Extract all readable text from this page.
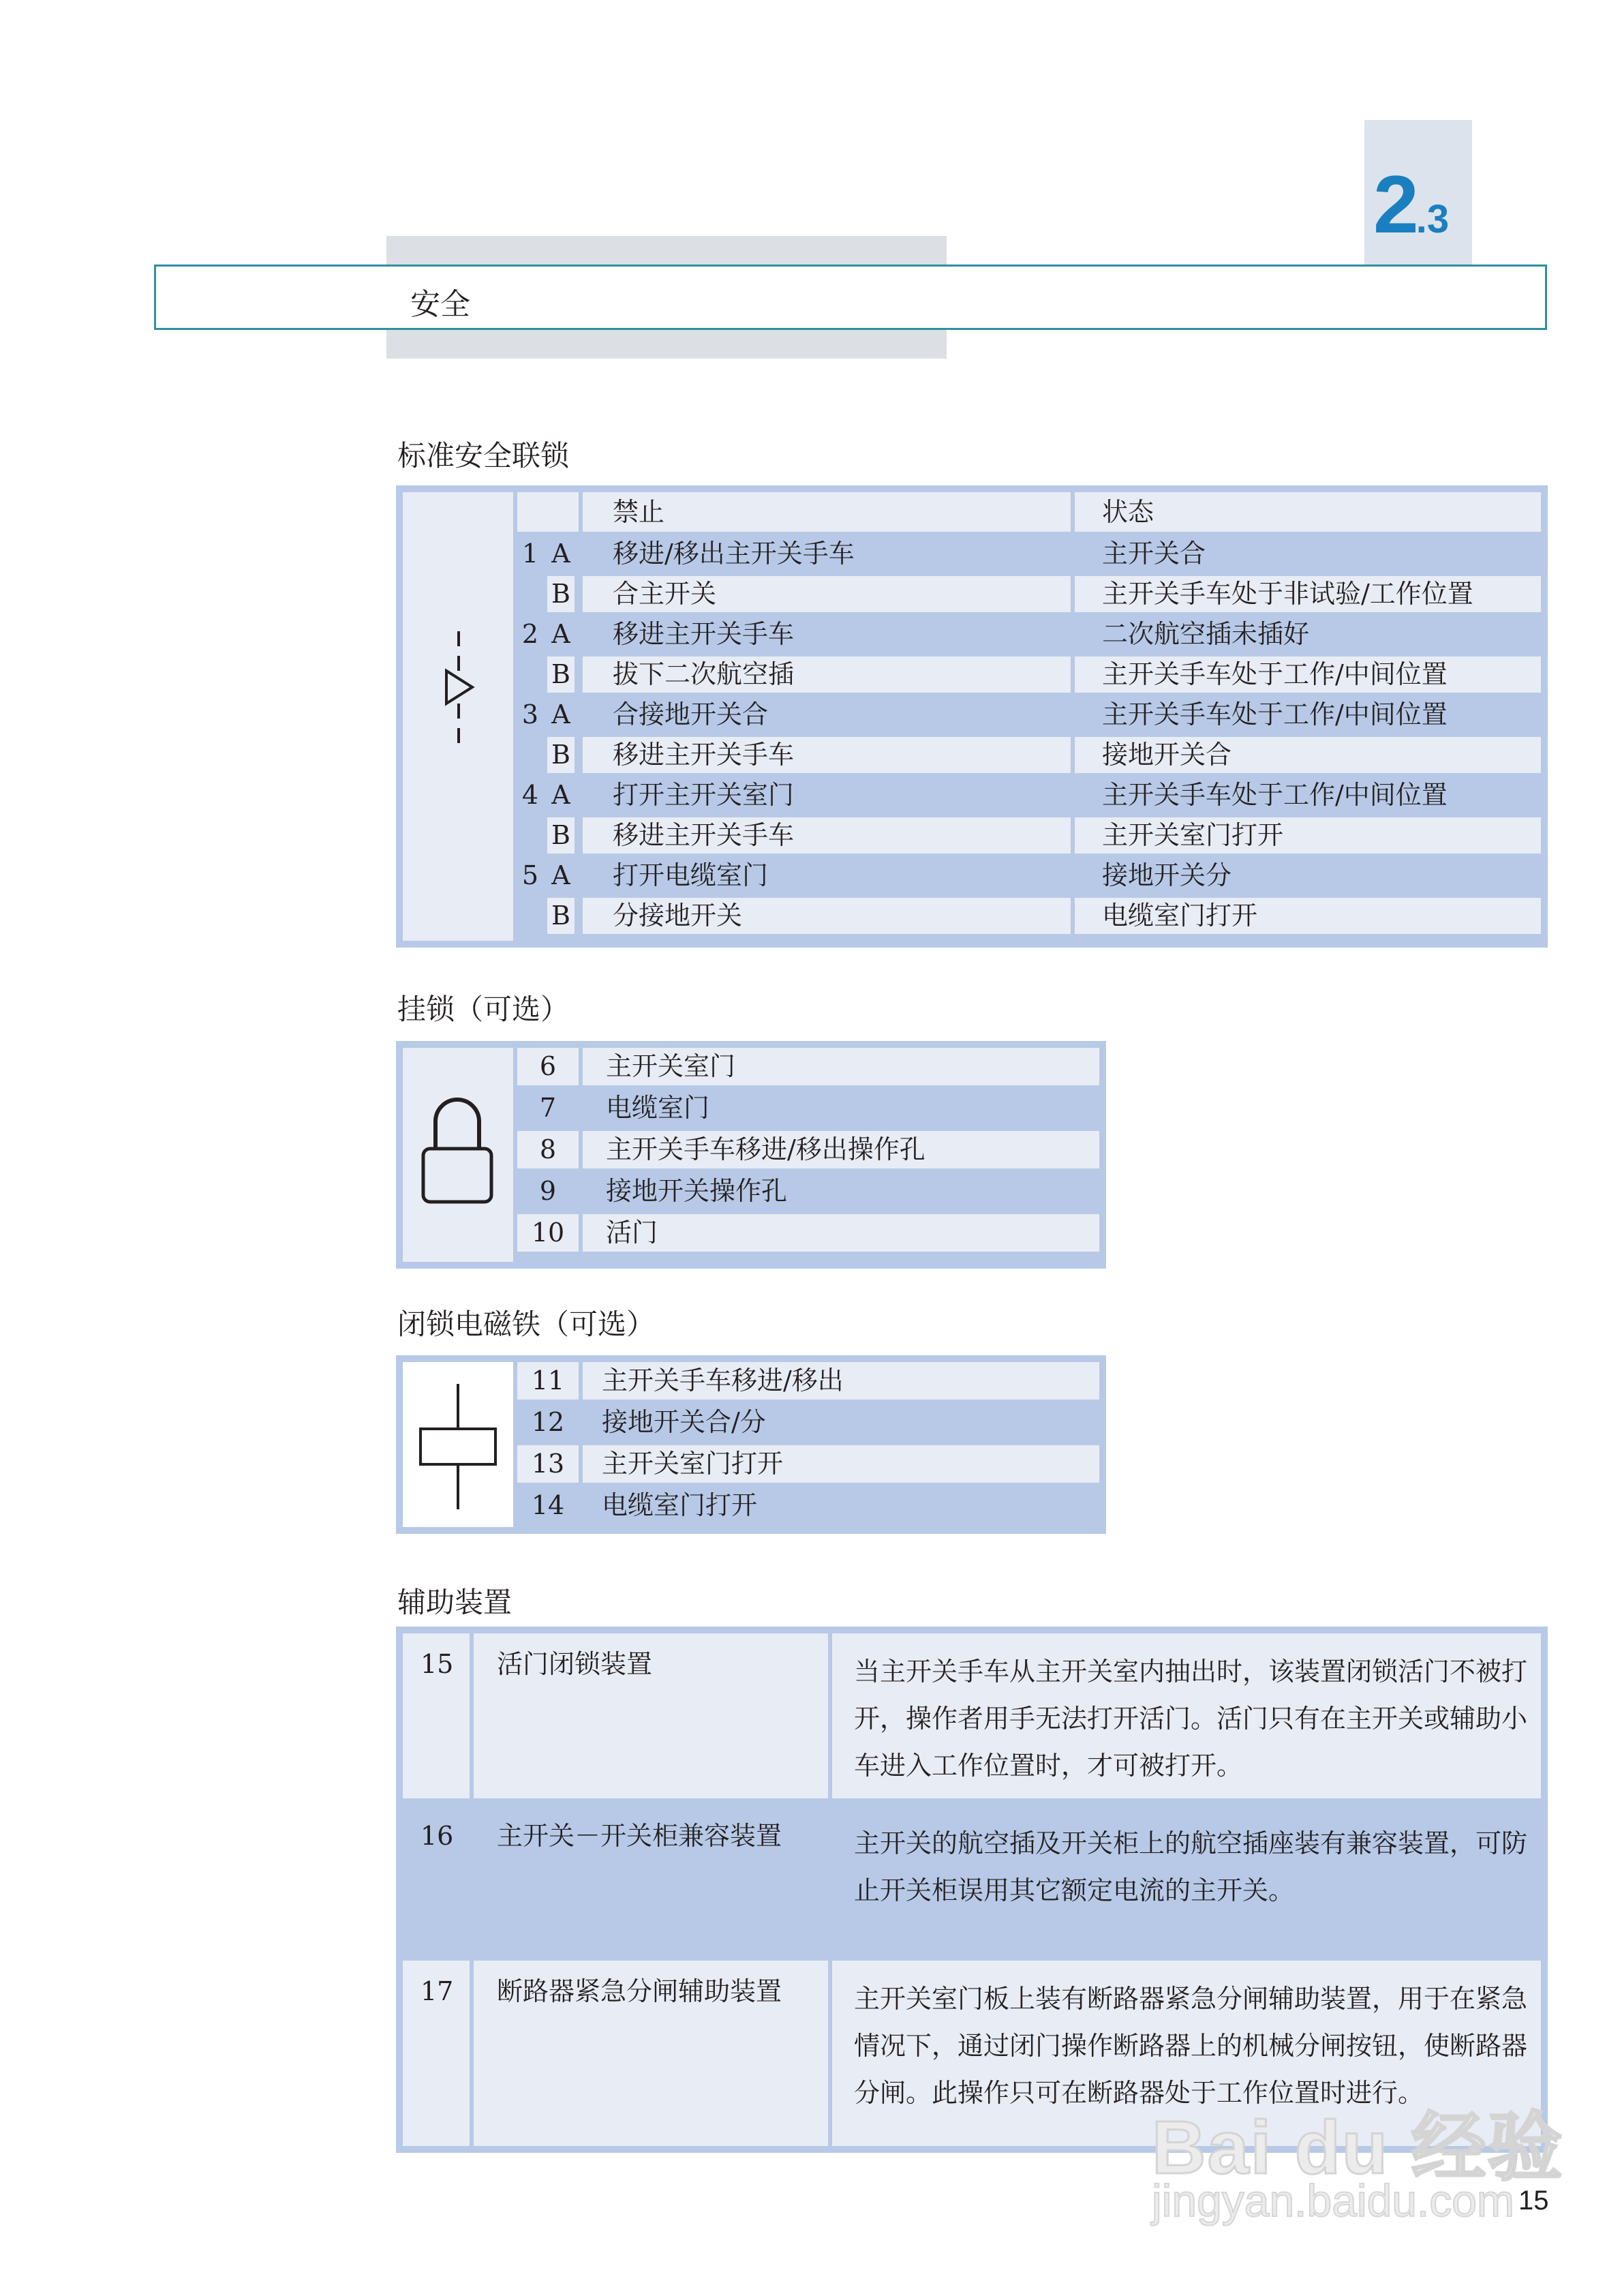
2.3
安全
标准安全联锁
禁止	状态
1 A	移进/移出主开关手车	主开关合
B	合主开关	主开关手车处于非试验/工作位置
2 A	移进主开关手车	二次航空插未插好
B	拔下二次航空插	主开关手车处于工作/中间位置
3 A	合接地开关合	主开关手车处于工作/中间位置
B	移进主开关手车	接地开关合
4 A	打开主开关室门	主开关手车处于工作/中间位置
B	移进主开关手车	主开关室门打开
5 A	打开电缆室门	接地开关分
B	分接地开关	电缆室门打开
挂锁（可选）
6	主开关室门
7	电缆室门
8	主开关手车移进/移出操作孔
9	接地开关操作孔
10	活门
闭锁电磁铁（可选）
11	主开关手车移进/移出
12	接地开关合/分
13	主开关室门打开
14	电缆室门打开
辅助装置
15	活门闭锁装置	当主开关手车从主开关室内抽出时，该装置闭锁活门不被打开，操作者用手无法打开活门。活门只有在主开关或辅助小车进入工作位置时，才可被打开。
16	主开关－开关柜兼容装置	主开关的航空插及开关柜上的航空插座装有兼容装置，可防止开关柜误用其它额定电流的主开关。
17	断路器紧急分闸辅助装置	主开关室门板上装有断路器紧急分闸辅助装置，用于在紧急情况下，通过闭门操作断路器上的机械分闸按钮，使断路器分闸。此操作只可在断路器处于工作位置时进行。
15
Bai du 经验
jingyan.baidu.com
